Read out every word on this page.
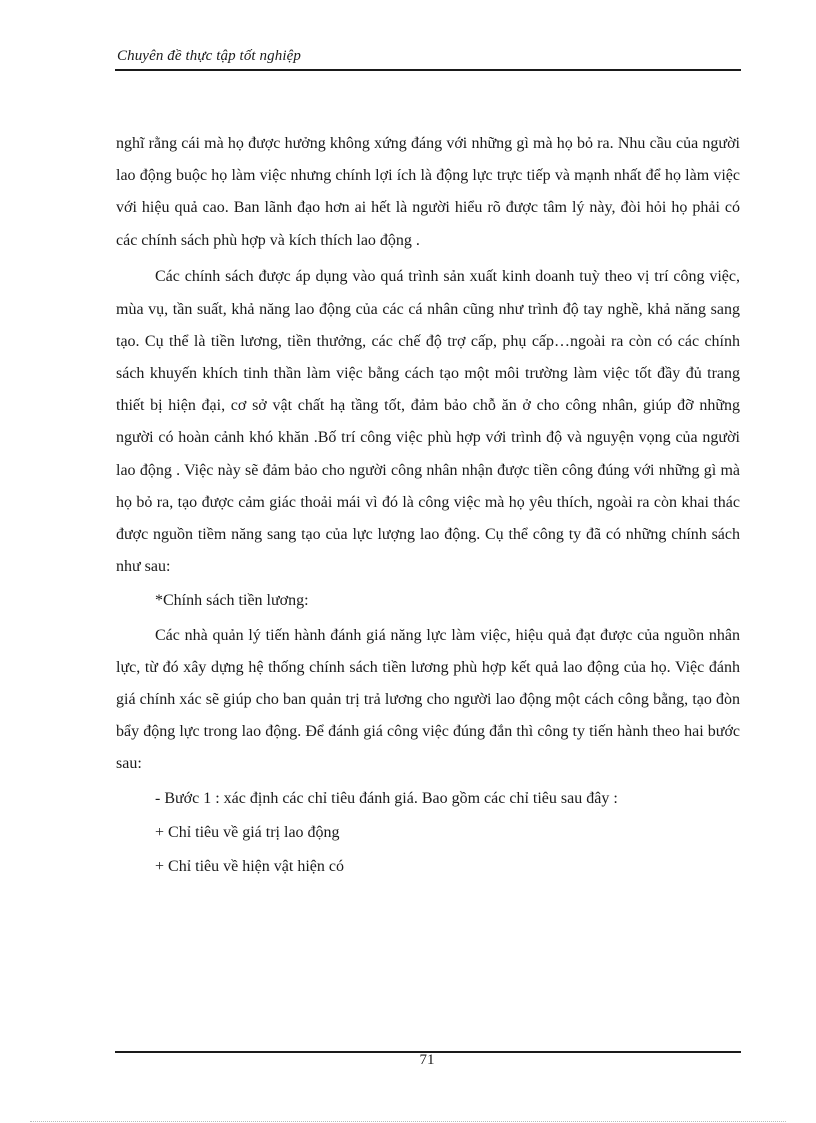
Chuyên đề thực tập tốt nghiệp

nghĩ rằng cái mà họ được hưởng không xứng đáng với những gì mà họ bỏ ra. Nhu cầu của người lao động buộc họ làm việc nhưng chính lợi ích là động lực trực tiếp và mạnh nhất để họ làm việc với hiệu quả cao. Ban lãnh đạo hơn ai hết là người hiểu rõ được tâm lý này, đòi hỏi họ phải có các chính sách phù hợp và kích thích lao động .

Các chính sách được áp dụng vào quá trình sản xuất kinh doanh tuỳ theo vị trí công việc, mùa vụ, tần suất, khả năng lao động của các cá nhân cũng như trình độ tay nghề, khả năng sang tạo. Cụ thể là tiền lương, tiền thưởng, các chế độ trợ cấp, phụ cấp…ngoài ra còn có các chính sách khuyến khích tinh thần làm việc bằng cách tạo một môi trường làm việc tốt đầy đủ trang thiết bị hiện đại, cơ sở vật chất hạ tầng tốt, đảm bảo chỗ ăn ở cho công nhân, giúp đỡ những người có hoàn cảnh khó khăn .Bố trí công việc phù hợp với trình độ và nguyện vọng của người lao động . Việc này sẽ đảm bảo cho người công nhân nhận được tiền công đúng với những gì mà họ bỏ ra, tạo được cảm giác thoải mái vì đó là công việc mà họ yêu thích, ngoài ra còn khai thác được nguồn tiềm năng sang tạo của lực lượng lao động. Cụ thể công ty đã có những chính sách như sau:

*Chính sách tiền lương:

Các nhà quản lý tiến hành đánh giá năng lực làm việc, hiệu quả đạt được của nguồn nhân lực, từ đó xây dựng hệ thống chính sách tiền lương phù hợp kết quả lao động của họ. Việc đánh giá chính xác sẽ giúp cho ban quản trị trả lương cho người lao động một cách công bằng, tạo đòn bẩy động lực trong lao động. Để đánh giá công việc đúng đắn thì công ty tiến hành theo hai bước sau:

- Bước 1 : xác định các chỉ tiêu đánh giá. Bao gồm các chỉ tiêu sau đây :

+ Chỉ tiêu về giá trị lao động

+ Chỉ tiêu về hiện vật hiện có

71
